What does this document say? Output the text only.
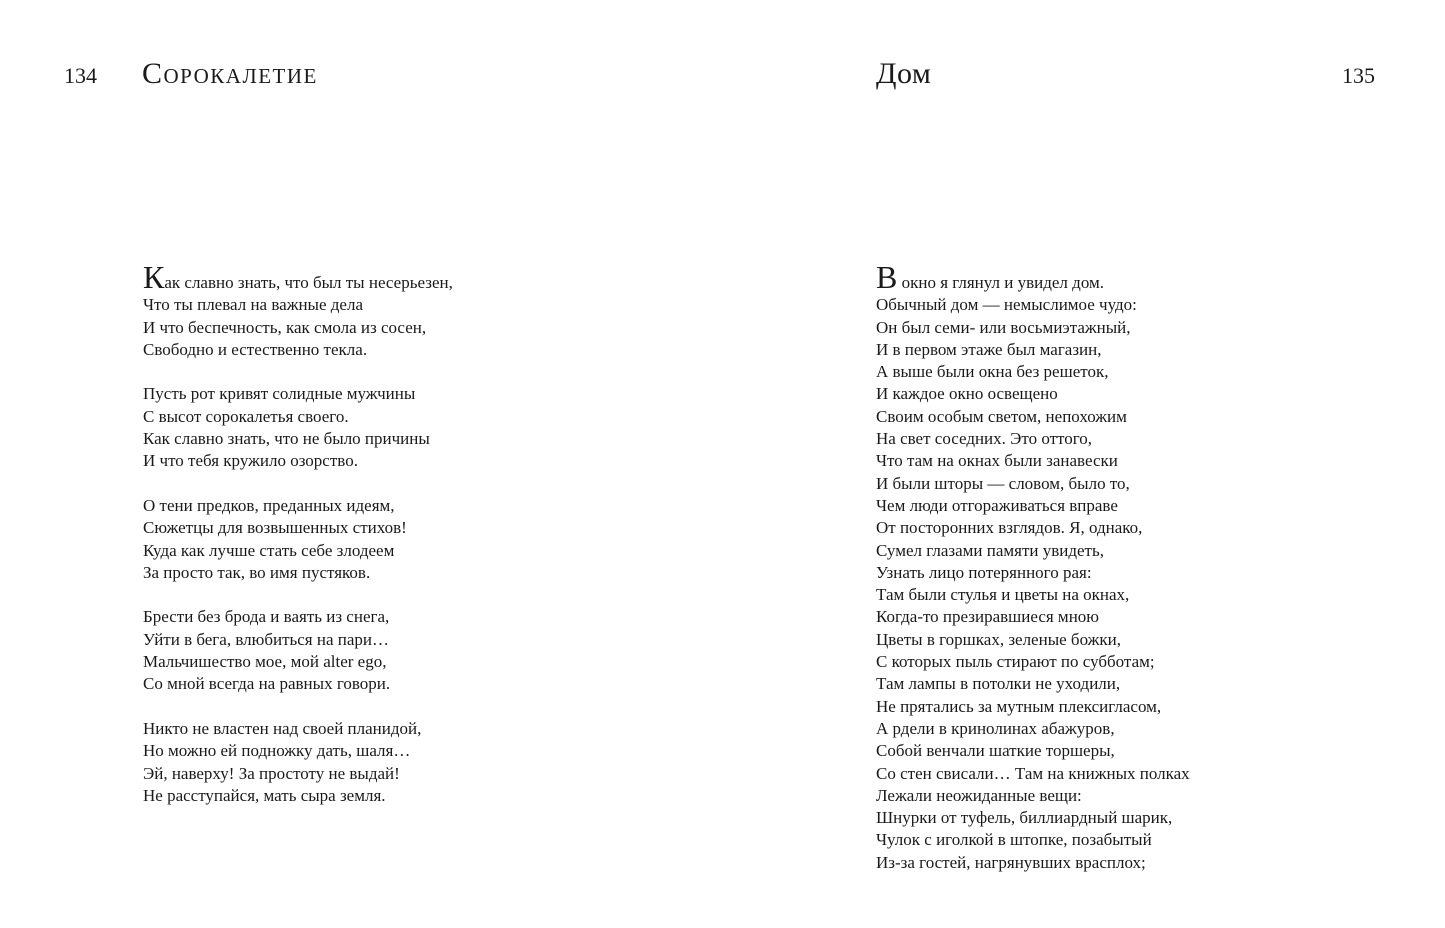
134 Сорокалетие
Как славно знать, что был ты несерьезен,
Что ты плевал на важные дела
И что беспечность, как смола из сосен,
Свободно и естественно текла.
Пусть рот кривят солидные мужчины
С высот сорокалетья своего.
Как славно знать, что не было причины
И что тебя кружило озорство.
О тени предков, преданных идеям,
Сюжетцы для возвышенных стихов!
Куда как лучше стать себе злодеем
За просто так, во имя пустяков.
Брести без брода и ваять из снега,
Уйти в бега, влюбиться на пари…
Мальчишество мое, мой alter ego,
Со мной всегда на равных говори.
Никто не властен над своей планидой,
Но можно ей подножку дать, шаля…
Эй, наверху! За простоту не выдай!
Не расступайся, мать сыра земля.
Дом	135
В окно я глянул и увидел дом.
Обычный дом — немыслимое чудо:
Он был семи- или восьмиэтажный,
И в первом этаже был магазин,
А выше были окна без решеток,
И каждое окно освещено
Своим особым светом, непохожим
На свет соседних. Это оттого,
Что там на окнах были занавески
И были шторы — словом, было то,
Чем люди отгораживаться вправе
От посторонних взглядов. Я, однако,
Сумел глазами памяти увидеть,
Узнать лицо потерянного рая:
Там были стулья и цветы на окнах,
Когда-то презиравшиеся мною
Цветы в горшках, зеленые божки,
С которых пыль стирают по субботам;
Там лампы в потолки не уходили,
Не прятались за мутным плексигласом,
А рдели в кринолинах абажуров,
Собой венчали шаткие торшеры,
Со стен свисали… Там на книжных полках
Лежали неожиданные вещи:
Шнурки от туфель, биллиардный шарик,
Чулок с иголкой в штопке, позабытый
Из-за гостей, нагрянувших врасплох;
